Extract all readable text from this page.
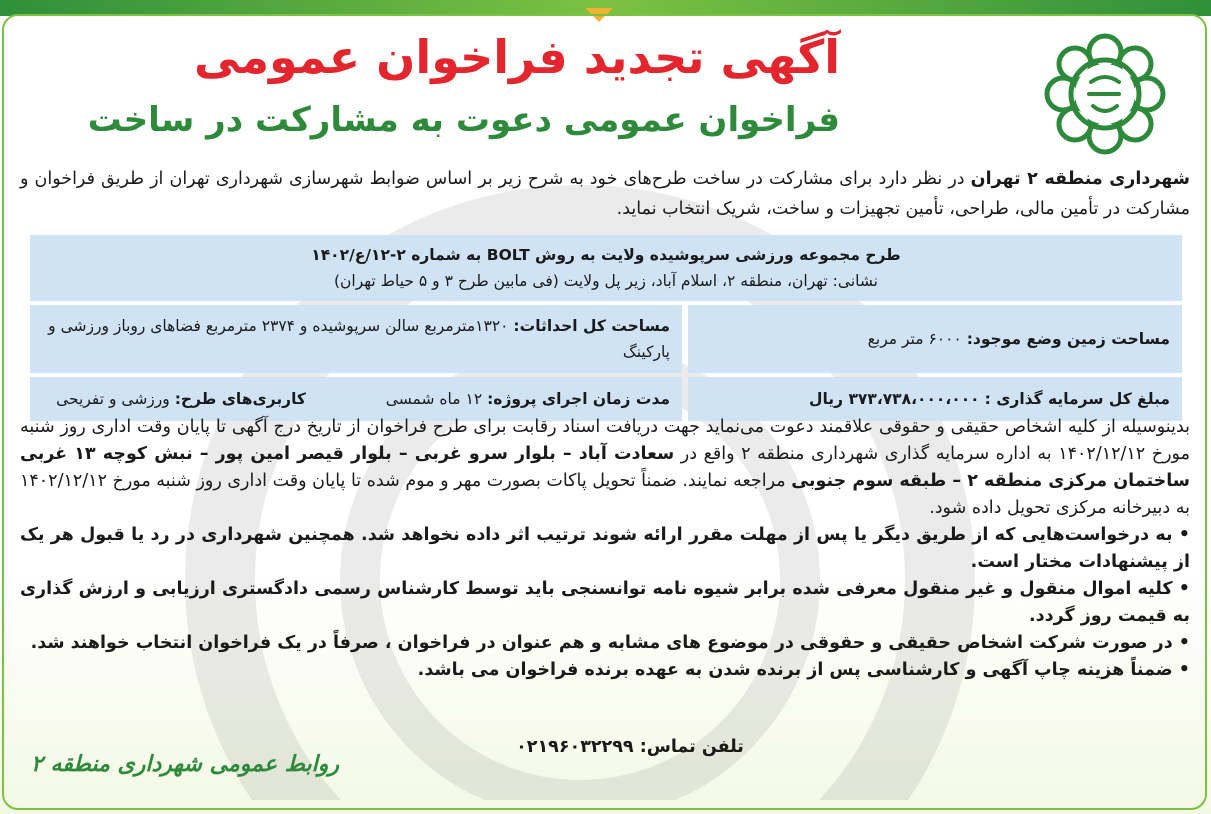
آگهی تجدید فراخوان عمومی
فراخوان عمومی دعوت به مشارکت در ساخت
شهرداری منطقه ۲ تهران در نظر دارد برای مشارکت در ساخت طرح‌های خود به شرح زیر بر اساس ضوابط شهرسازی شهرداری تهران از طریق فراخوان و مشارکت در تأمین مالی، طراحی، تأمین تجهیزات و ساخت، شریک انتخاب نماید.
طرح مجموعه ورزشی سرپوشیده ولایت به روش BOLT به شماره ۲-۱۲/ع/۱۴۰۲
نشانی: تهران، منطقه ۲، اسلام آباد، زیر پل ولایت (فی مابین طرح ۳ و ۵ حیاط تهران)		

مساحت زمین وضع موجود: ۶۰۰۰ متر مربع		مساحت کل احداثات: ۱۳۲۰مترمربع سالن سرپوشیده و ۲۳۷۴ مترمربع فضاهای روباز ورزشی و پارکینگ
مبلغ کل سرمایه گذاری : ۳۷۳،۷۳۸،۰۰۰،۰۰۰ ریال		مدت زمان اجرای پروژه: ۱۲ ماه شمسی  کاربری‌های طرح: ورزشی و تفریحی

بدینوسیله از کلیه اشخاص حقیقی و حقوقی علاقمند دعوت می‌نماید جهت دریافت اسناد رقابت برای طرح فراخوان از تاریخ درج آگهی تا پایان وقت اداری روز شنبه مورخ ۱۴۰۲/۱۲/۱۲ به اداره سرمایه گذاری شهرداری منطقه ۲ واقع در سعادت آباد – بلوار سرو غربی – بلوار قیصر امین پور – نبش کوچه ۱۳ غربی ساختمان مرکزی منطقه ۲ – طبقه سوم جنوبی مراجعه نمایند. ضمناً تحویل پاکات بصورت مهر و موم شده تا پایان وقت اداری روز شنبه مورخ ۱۴۰۲/۱۲/۱۲ به دبیرخانه مرکزی تحویل داده شود.

• به درخواست‌هایی که از طریق دیگر یا پس از مهلت مقرر ارائه شوند ترتیب اثر داده نخواهد شد. همچنین شهرداری در رد یا قبول هر یک از پیشنهادات مختار است.

• کلیه اموال منقول و غیر منقول معرفی شده برابر شیوه نامه توانسنجی باید توسط کارشناس رسمی دادگستری ارزیابی و ارزش گذاری به قیمت روز گردد.

• در صورت شرکت اشخاص حقیقی و حقوقی در موضوع های مشابه و هم عنوان در فراخوان ، صرفاً در یک فراخوان انتخاب خواهند شد.

• ضمناً هزینه چاپ آگهی و کارشناسی پس از برنده شدن به عهده برنده فراخوان می باشد.

تلفن تماس: ۰۲۱۹۶۰۳۲۲۹۹
روابط عمومی شهرداری منطقه ۲
